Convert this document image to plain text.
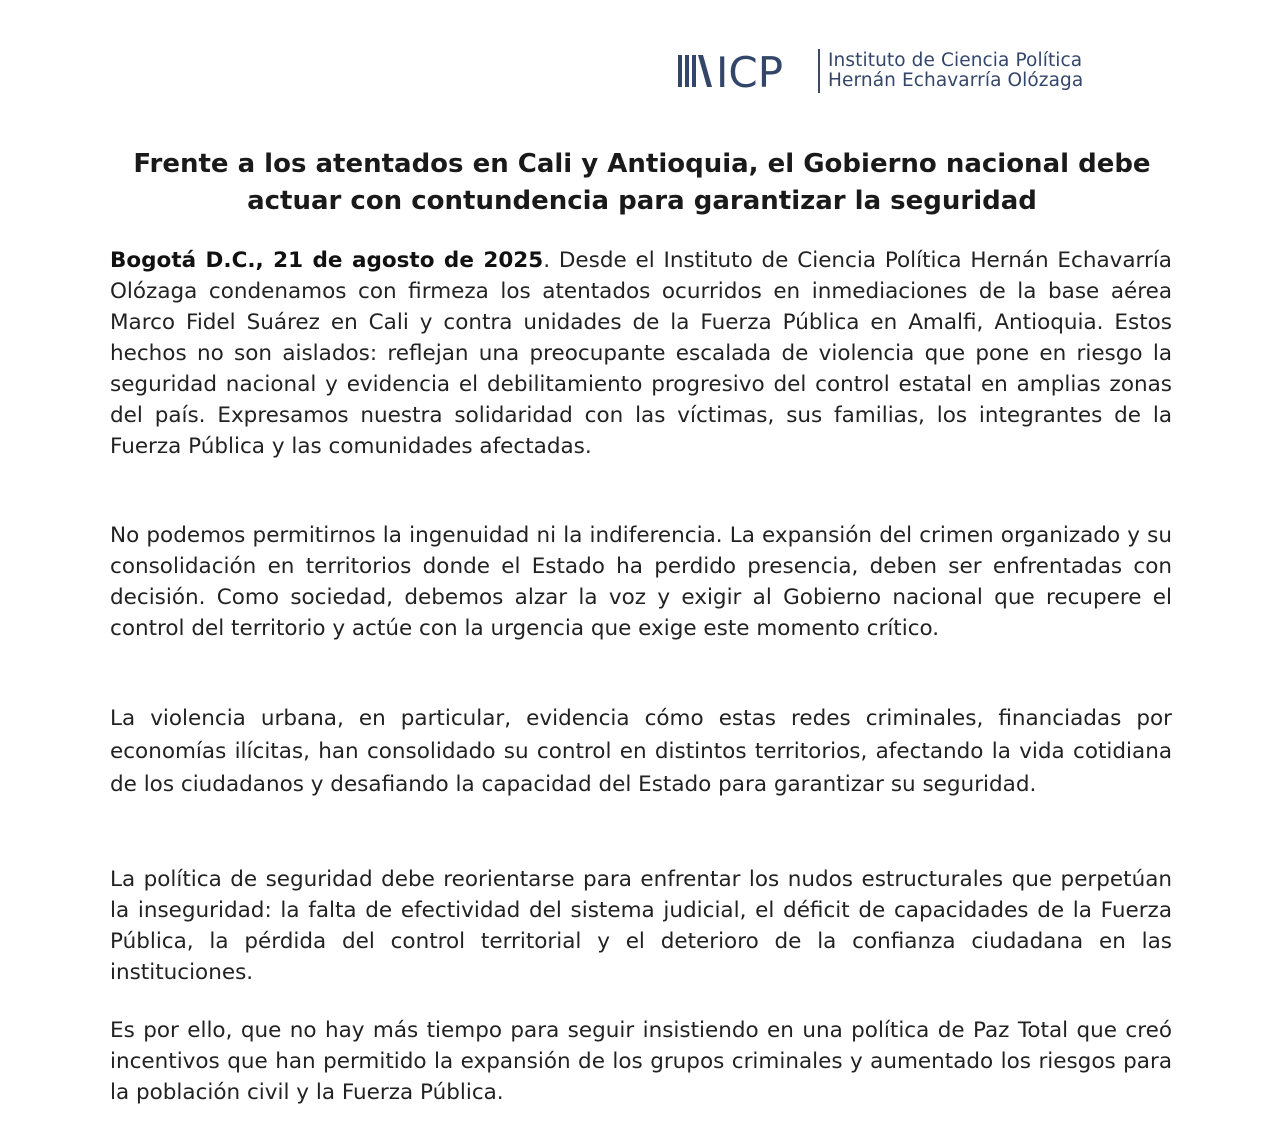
ICP Instituto de Ciencia Política
Hernán Echavarría Olózaga
Frente a los atentados en Cali y Antioquia, el Gobierno nacional debe actuar con contundencia para garantizar la seguridad

Bogotá D.C., 21 de agosto de 2025. Desde el Instituto de Ciencia Política Hernán Echavarría Olózaga condenamos con firmeza los atentados ocurridos en inmediaciones de la base aérea Marco Fidel Suárez en Cali y contra unidades de la Fuerza Pública en Amalfi, Antioquia. Estos hechos no son aislados: reflejan una preocupante escalada de violencia que pone en riesgo la seguridad nacional y evidencia el debilitamiento progresivo del control estatal en amplias zonas del país. Expresamos nuestra solidaridad con las víctimas, sus familias, los integrantes de la Fuerza Pública y las comunidades afectadas.

No podemos permitirnos la ingenuidad ni la indiferencia. La expansión del crimen organizado y su consolidación en territorios donde el Estado ha perdido presencia, deben ser enfrentadas con decisión. Como sociedad, debemos alzar la voz y exigir al Gobierno nacional que recupere el control del territorio y actúe con la urgencia que exige este momento crítico.

La violencia urbana, en particular, evidencia cómo estas redes criminales, financiadas por economías ilícitas, han consolidado su control en distintos territorios, afectando la vida cotidiana de los ciudadanos y desafiando la capacidad del Estado para garantizar su seguridad.

La política de seguridad debe reorientarse para enfrentar los nudos estructurales que perpetúan la inseguridad: la falta de efectividad del sistema judicial, el déficit de capacidades de la Fuerza Pública, la pérdida del control territorial y el deterioro de la confianza ciudadana en las instituciones.

Es por ello, que no hay más tiempo para seguir insistiendo en una política de Paz Total que creó incentivos que han permitido la expansión de los grupos criminales y aumentado los riesgos para la población civil y la Fuerza Pública.
